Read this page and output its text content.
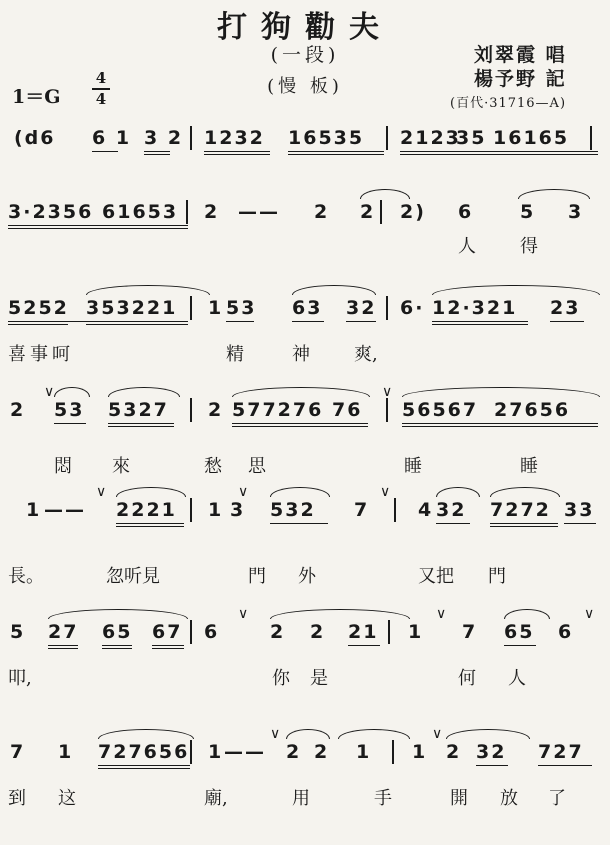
打狗勸夫
(一段)
(慢 板)
刘翠霞 唱
楊予野 記
(百代·31716—A)
1＝G
4
4
(d6 6 1 3 2 1232 16535 2123
35 16165
3·2356 61653 2 —— 2 2 2) 6 5 3
人 得
5252 353221 1 53 63 32 6· 12·321 23
喜 事 呵	精	神 爽,
2 53 5327 2 577276 76 56567 27656
∨	∨
悶 來	愁 思	睡	睡
1 —— 2221 1 3 532 7	4 32 7272 33
∨	∨	∨
長。	忽听見	門 外	又把 門
5 27 65 67 6	2 2 21 1 7 65 6
∨	∨	∨
叩,	你 是	何 人
7 1 727656 1 —— 2 2 1 1 2 32 727
∨	∨
到 这	廟,	用	手	開 放 了
